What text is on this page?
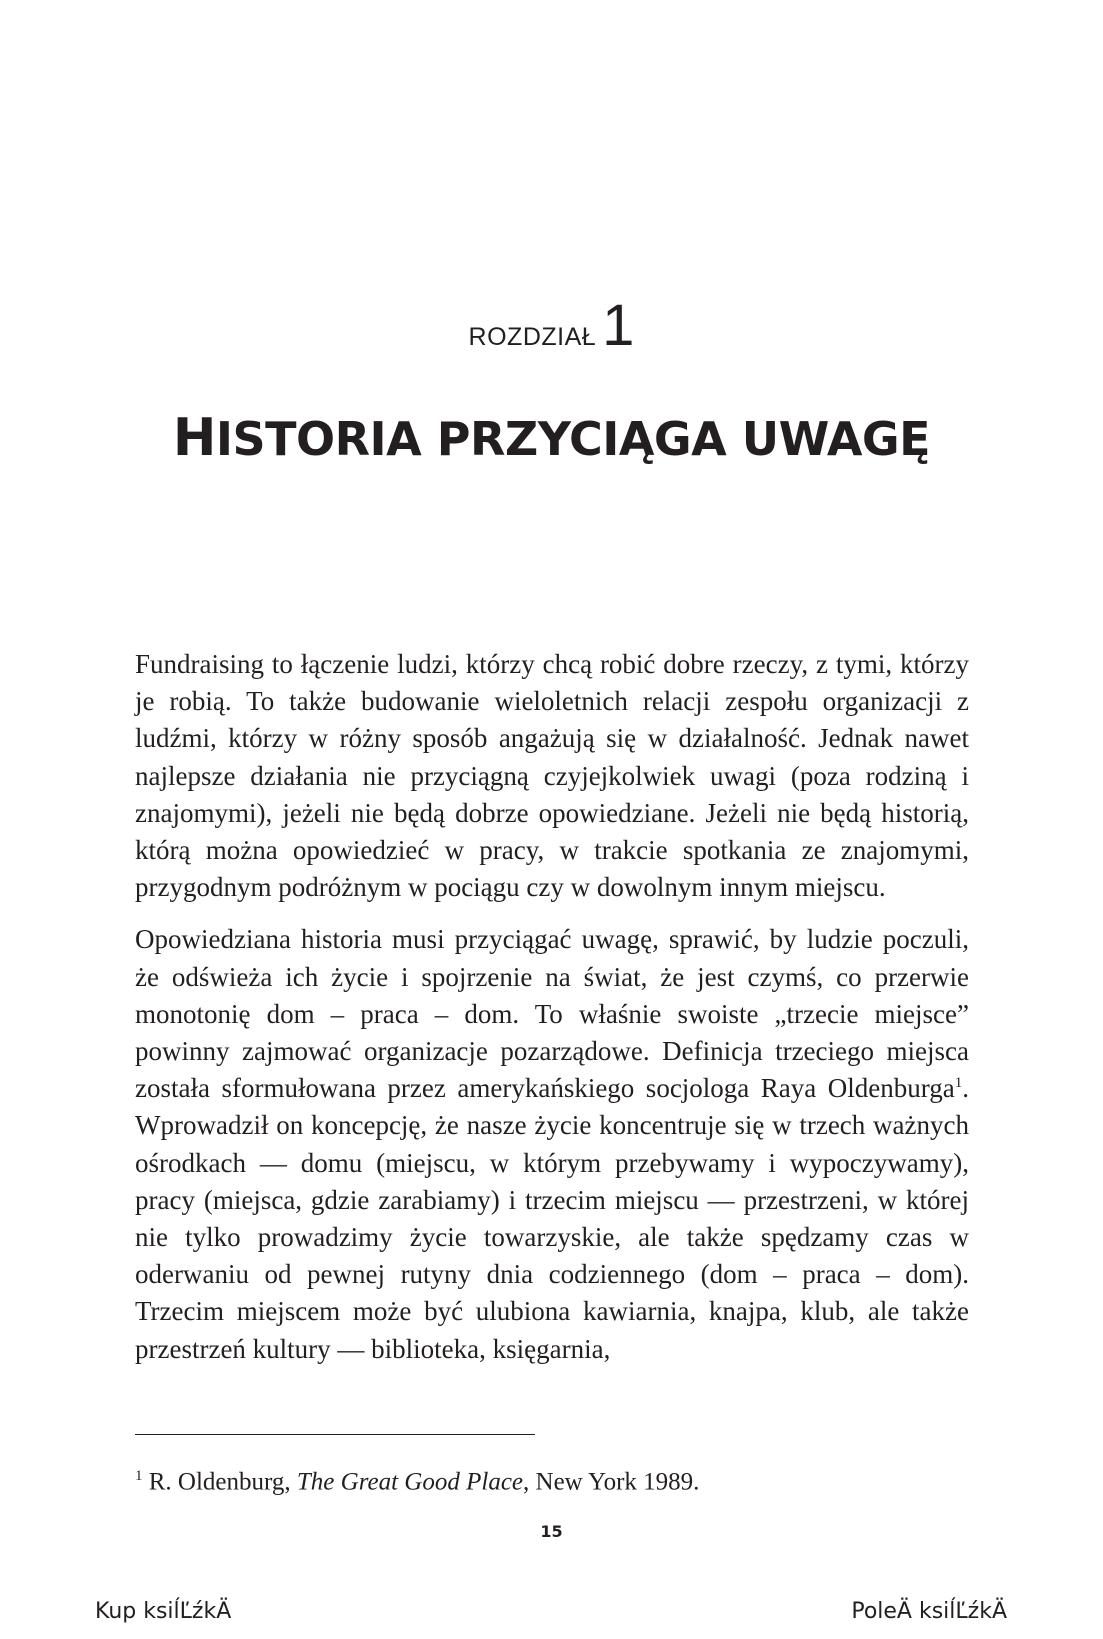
ROZDZIAŁ 1
HISTORIA PRZYCIĄGA UWAGĘ

Fundraising to łączenie ludzi, którzy chcą robić dobre rzeczy, z tymi, którzy je robią. To także budowanie wieloletnich relacji zespołu organizacji z ludźmi, którzy w różny sposób angażują się w działalność. Jednak nawet najlepsze działania nie przyciągną czyjejkolwiek uwagi (poza rodziną i znajomymi), jeżeli nie będą dobrze opowiedziane. Jeżeli nie będą historią, którą można opowiedzieć w pracy, w trakcie spotkania ze znajomymi, przygodnym podróżnym w pociągu czy w dowolnym innym miejscu.

Opowiedziana historia musi przyciągać uwagę, sprawić, by ludzie poczuli, że odświeża ich życie i spojrzenie na świat, że jest czymś, co przerwie monotonię dom – praca – dom. To właśnie swoiste „trzecie miejsce” powinny zajmować organizacje pozarządowe. Definicja trzeciego miejsca została sformułowana przez amerykańskiego socjologa Raya Oldenburga$^1$. Wprowadził on koncepcję, że nasze życie koncentruje się w trzech ważnych ośrodkach — domu (miejscu, w którym przebywamy i wypoczywamy), pracy (miejsca, gdzie zarabiamy) i trzecim miejscu — przestrzeni, w której nie tylko prowadzimy życie towarzyskie, ale także spędzamy czas w oderwaniu od pewnej rutyny dnia codziennego (dom – praca – dom). Trzecim miejscem może być ulubiona kawiarnia, knajpa, klub, ale także przestrzeń kultury — biblioteka, księgarnia,

$^1$ R. Oldenburg, The Great Good Place, New York 1989.
15
Kup ksiĺĽźkÄ	PoleÄ ksiĺĽźkÄ
